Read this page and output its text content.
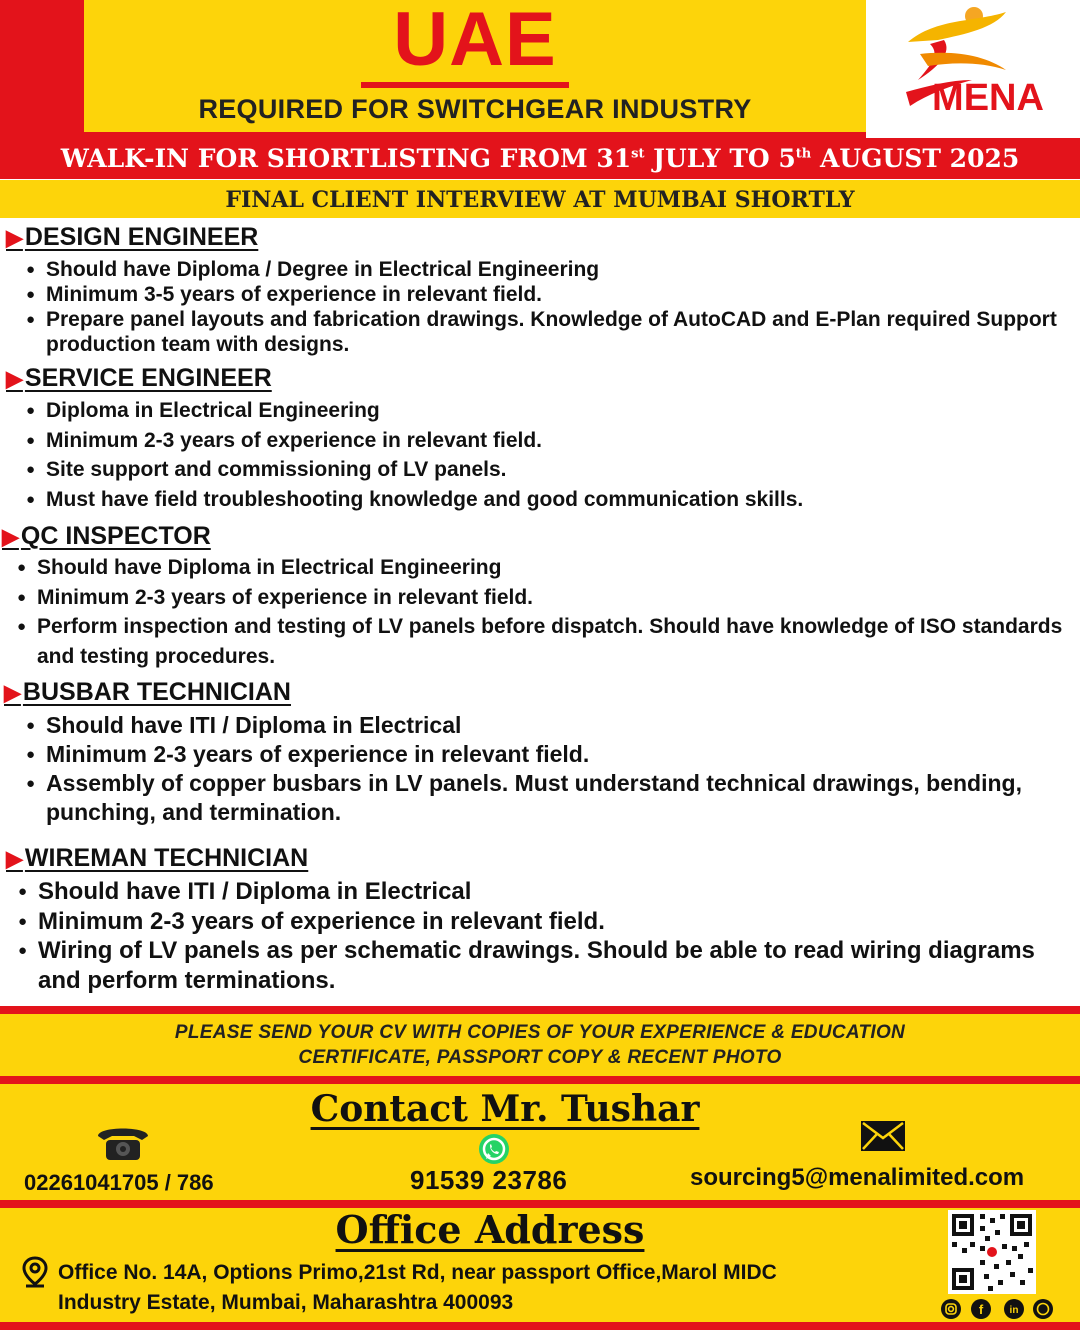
MENA
UAE
REQUIRED FOR SWITCHGEAR INDUSTRY
WALK-IN FOR SHORTLISTING FROM 31st JULY TO 5th AUGUST 2025
FINAL CLIENT INTERVIEW AT MUMBAI SHORTLY
▶DESIGN ENGINEER
● Should have Diploma / Degree in Electrical Engineering
● Minimum 3-5 years of experience in relevant field.
● Prepare panel layouts and fabrication drawings. Knowledge of AutoCAD and E-Plan required Support production team with designs.
▶SERVICE ENGINEER
● Diploma in Electrical Engineering
● Minimum 2-3 years of experience in relevant field.
● Site support and commissioning of LV panels.
● Must have field troubleshooting knowledge and good communication skills.
▶QC INSPECTOR
● Should have Diploma in Electrical Engineering
● Minimum 2-3 years of experience in relevant field.
● Perform inspection and testing of LV panels before dispatch. Should have knowledge of ISO standards and testing procedures.
▶BUSBAR TECHNICIAN
● Should have ITI / Diploma in Electrical
● Minimum 2-3 years of experience in relevant field.
● Assembly of copper busbars in LV panels. Must understand technical drawings, bending, punching, and termination.
▶WIREMAN TECHNICIAN
● Should have ITI / Diploma in Electrical
● Minimum 2-3 years of experience in relevant field.
● Wiring of LV panels as per schematic drawings. Should be able to read wiring diagrams and perform terminations.
PLEASE SEND YOUR CV WITH COPIES OF YOUR EXPERIENCE & EDUCATION
CERTIFICATE, PASSPORT COPY & RECENT PHOTO
Contact Mr. Tushar
02261041705 / 786	91539 23786	sourcing5@menalimited.com
Office Address
Office No. 14A, Options Primo,21st Rd, near passport Office,Marol MIDC
Industry Estate, Mumbai, Maharashtra 400093	f	in
